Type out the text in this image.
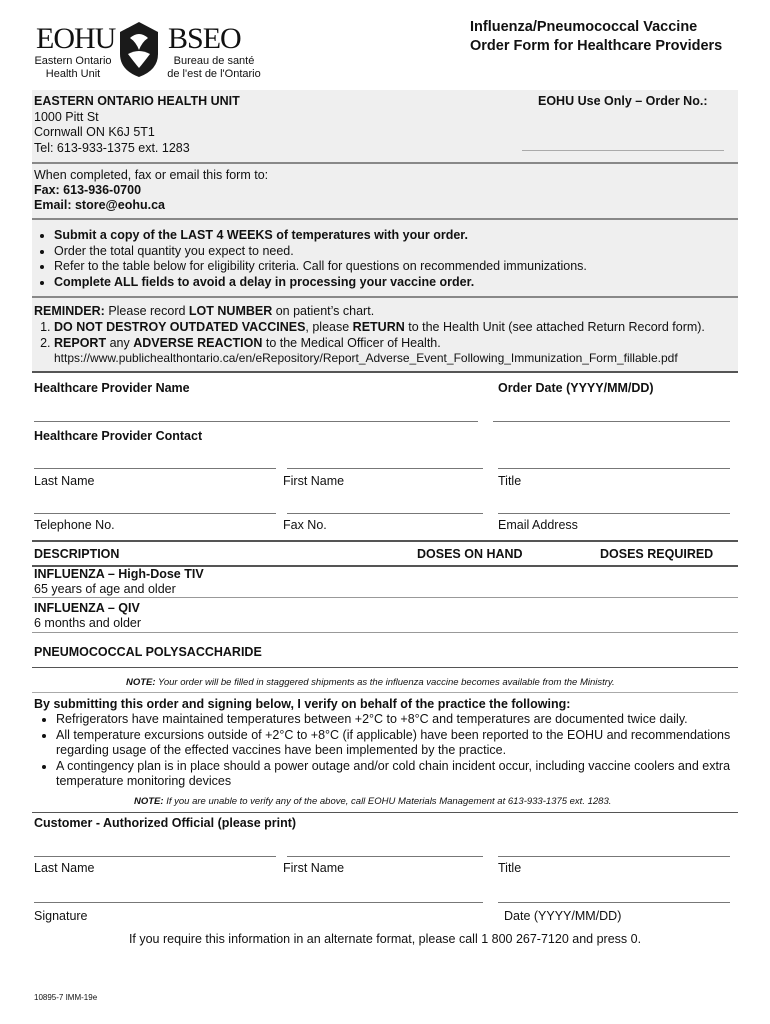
EOHU BSEO
Eastern Ontario
Health Unit
Bureau de santé
de l'est de l'Ontario
Influenza/Pneumococcal Vaccine
Order Form for Healthcare Providers
EASTERN ONTARIO HEALTH UNIT
1000 Pitt St
Cornwall ON K6J 5T1
Tel: 613-933-1375 ext. 1283
EOHU Use Only – Order No.:
When completed, fax or email this form to:
Fax: 613-936-0700
Email: store@eohu.ca
• Submit a copy of the LAST 4 WEEKS of temperatures with your order.
• Order the total quantity you expect to need.
• Refer to the table below for eligibility criteria. Call for questions on recommended immunizations.
• Complete ALL fields to avoid a delay in processing your vaccine order.
REMINDER: Please record LOT NUMBER on patient’s chart.
1. DO NOT DESTROY OUTDATED VACCINES, please RETURN to the Health Unit (see attached Return Record form).
2. REPORT any ADVERSE REACTION to the Medical Officer of Health.
https://www.publichealthontario.ca/en/eRepository/Report_Adverse_Event_Following_Immunization_Form_fillable.pdf
Healthcare Provider Name	Order Date (YYYY/MM/DD)
Healthcare Provider Contact
Last Name	First Name	Title
Telephone No.	Fax No.	Email Address
DESCRIPTION	DOSES ON HAND	DOSES REQUIRED
INFLUENZA – High-Dose TIV
65 years of age and older
INFLUENZA – QIV
6 months and older
PNEUMOCOCCAL POLYSACCHARIDE
NOTE: Your order will be filled in staggered shipments as the influenza vaccine becomes available from the Ministry.
By submitting this order and signing below, I verify on behalf of the practice the following:
• Refrigerators have maintained temperatures between +2°C to +8°C and temperatures are documented twice daily.
• All temperature excursions outside of +2°C to +8°C (if applicable) have been reported to the EOHU and recommendations regarding usage of the effected vaccines have been implemented by the practice.
• A contingency plan is in place should a power outage and/or cold chain incident occur, including vaccine coolers and extra temperature monitoring devices
NOTE: If you are unable to verify any of the above, call EOHU Materials Management at 613-933-1375 ext. 1283.
Customer - Authorized Official (please print)
Last Name	First Name	Title
Signature	Date (YYYY/MM/DD)
If you require this information in an alternate format, please call 1 800 267-7120 and press 0.
10895-7 IMM-19e
